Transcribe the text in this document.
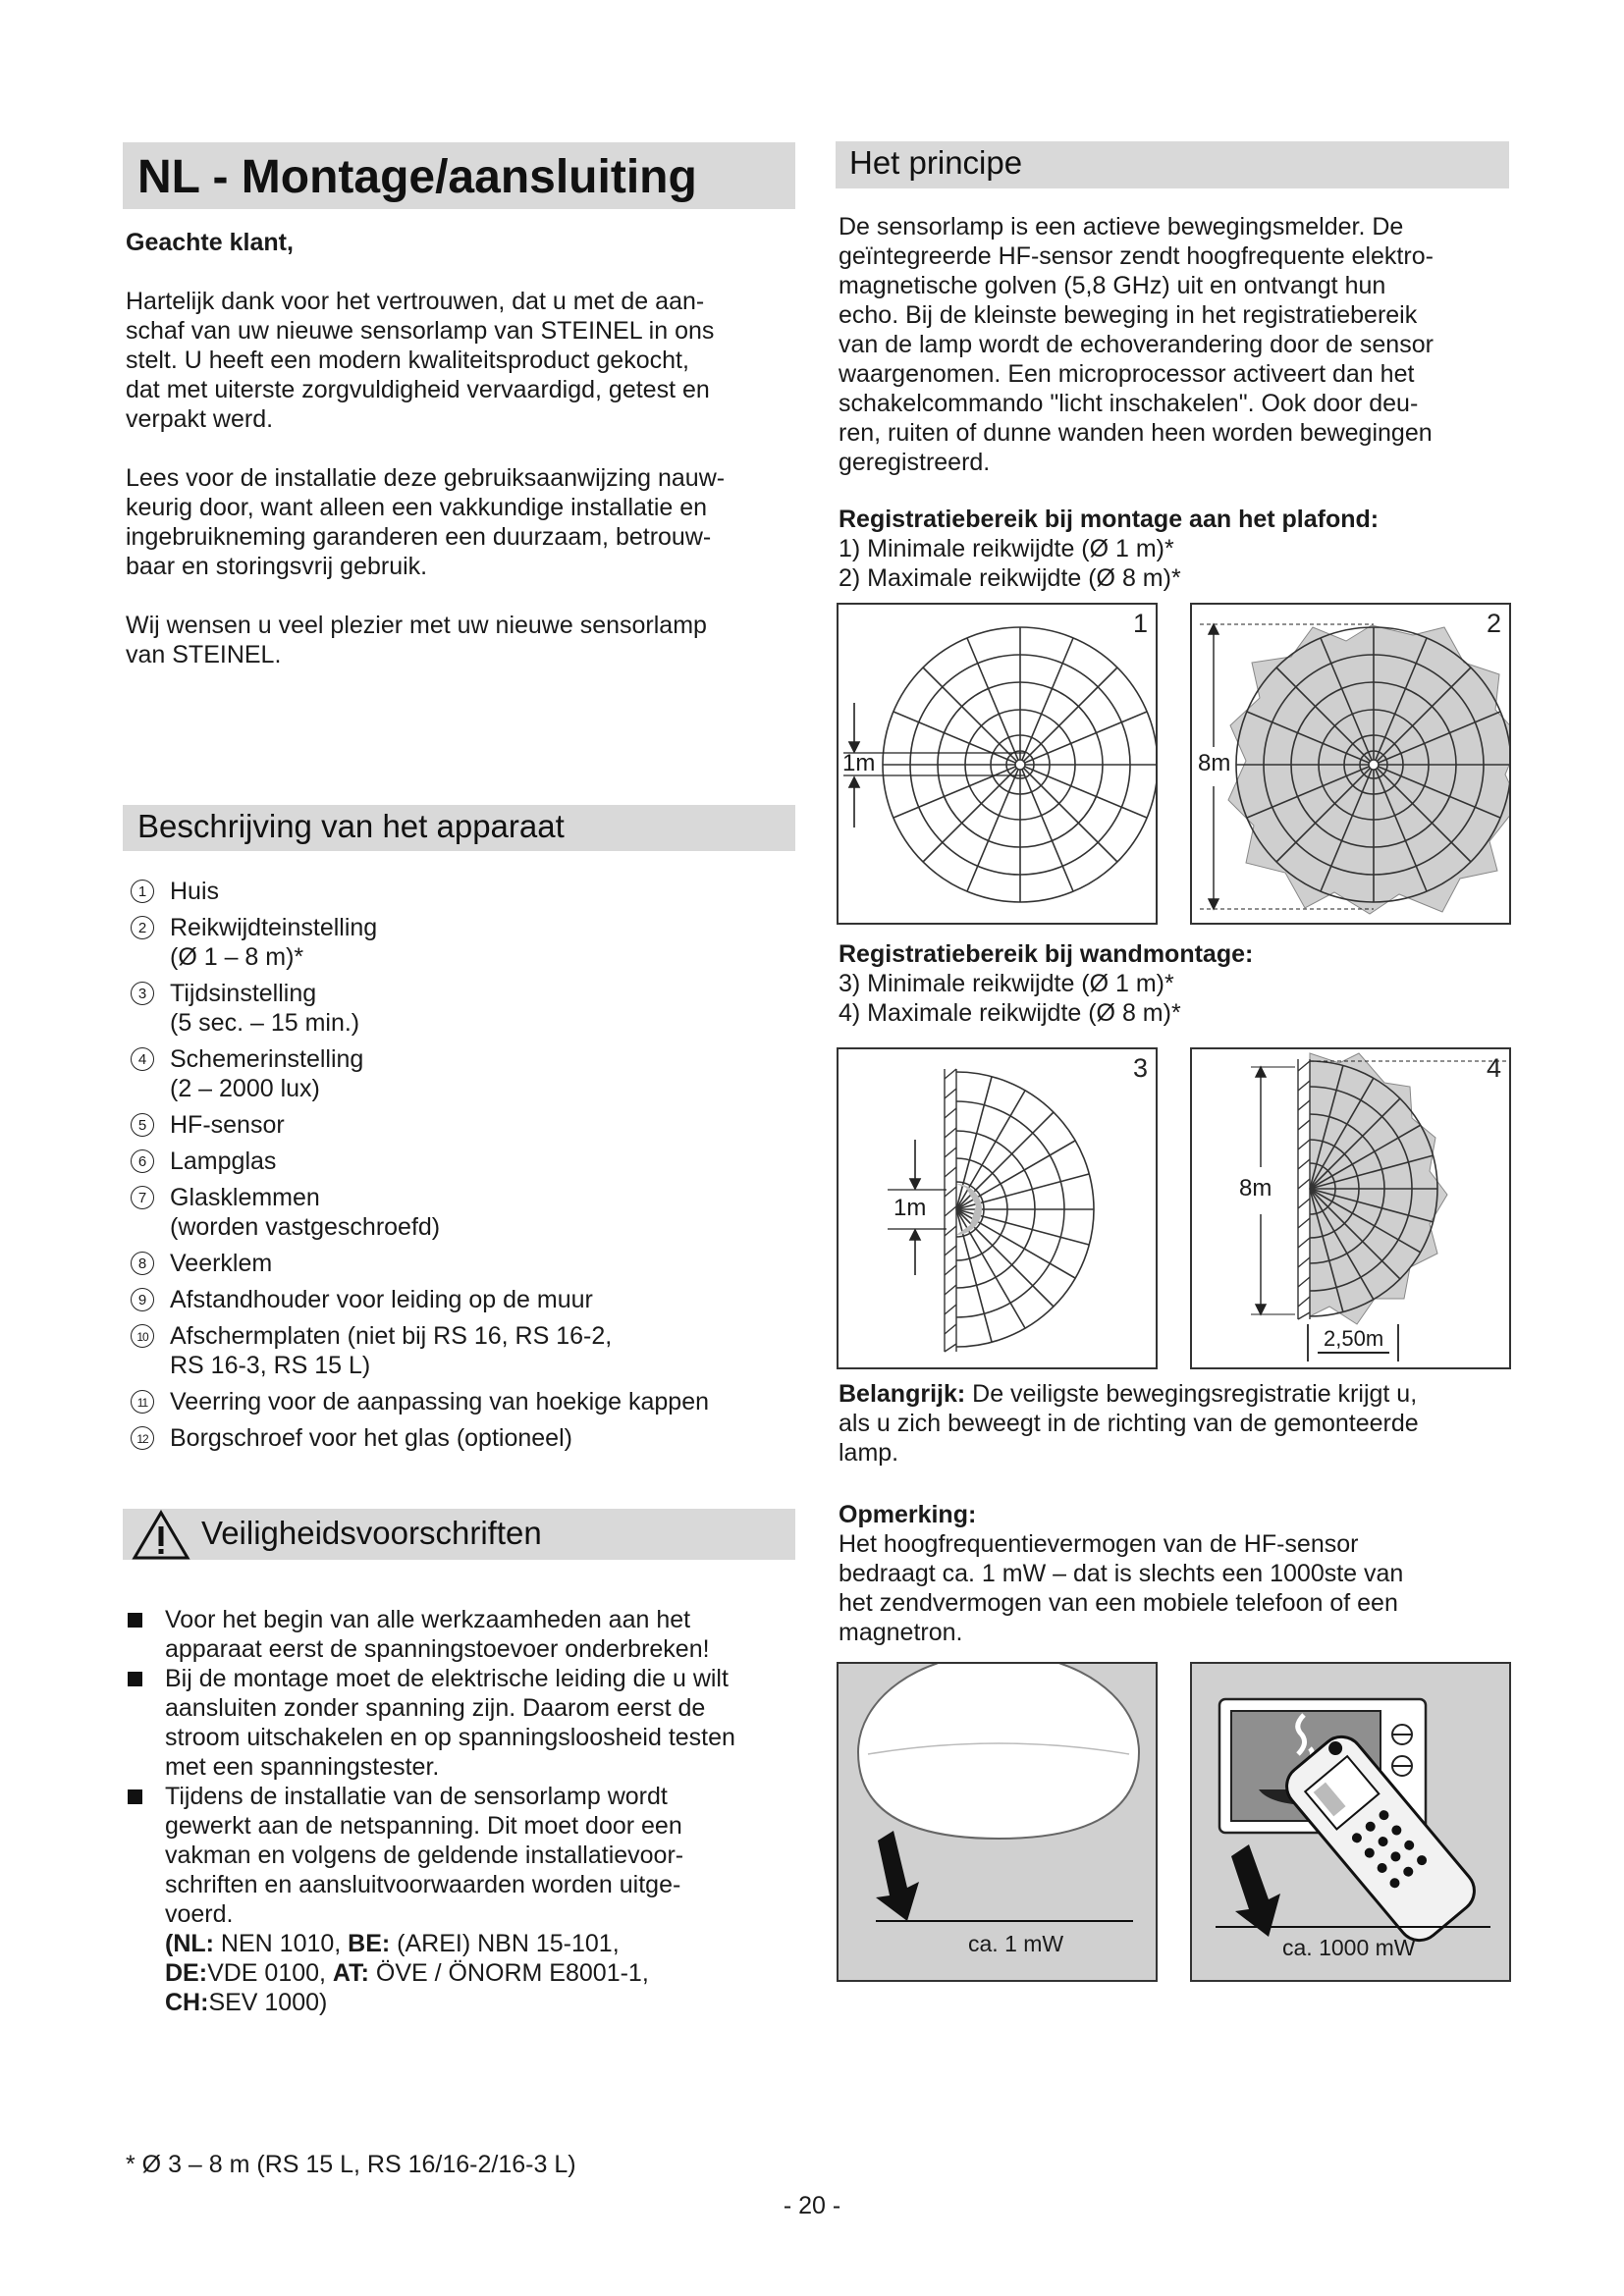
NL - Montage/aansluiting
Geachte klant,

Hartelijk dank voor het vertrouwen, dat u met de aan-
schaf van uw nieuwe sensorlamp van STEINEL in ons
stelt. U heeft een modern kwaliteitsproduct gekocht,
dat met uiterste zorgvuldigheid vervaardigd, getest en
verpakt werd.

Lees voor de installatie deze gebruiksaanwijzing nauw-
keurig door, want alleen een vakkundige installatie en
ingebruikneming garanderen een duurzaam, betrouw-
baar en storingsvrij gebruik.

Wij wensen u veel plezier met uw nieuwe sensorlamp
van STEINEL.

Beschrijving van het apparaat
1 Huis
2 Reikwijdteinstelling
(Ø 1 – 8 m)*
3 Tijdsinstelling
(5 sec. – 15 min.)
4 Schemerinstelling
(2 – 2000 lux)
5 HF-sensor
6 Lampglas
7 Glasklemmen
(worden vastgeschroefd)
8 Veerklem
9 Afstandhouder voor leiding op de muur
10 Afschermplaten (niet bij RS 16, RS 16-2,
RS 16-3, RS 15 L)
11 Veerring voor de aanpassing van hoekige kappen
12 Borgschroef voor het glas (optioneel)
Veiligheidsvoorschriften
Voor het begin van alle werkzaamheden aan het
apparaat eerst de spanningstoevoer onderbreken!
Bij de montage moet de elektrische leiding die u wilt
aansluiten zonder spanning zijn. Daarom eerst de
stroom uitschakelen en op spanningsloosheid testen
met een spanningstester.
Tijdens de installatie van de sensorlamp wordt
gewerkt aan de netspanning. Dit moet door een
vakman en volgens de geldende installatievoor-
schriften en aansluitvoorwaarden worden uitge-
voerd.
(NL: NEN 1010, BE: (AREI) NBN 15-101,
DE:VDE 0100, AT: ÖVE / ÖNORM E8001-1,
CH:SEV 1000)
* Ø 3 – 8 m (RS 15 L, RS 16/16-2/16-3 L)
Het principe
De sensorlamp is een actieve bewegingsmelder. De
geïntegreerde HF-sensor zendt hoogfrequente elektro-
magnetische golven (5,8 GHz) uit en ontvangt hun
echo. Bij de kleinste beweging in het registratiebereik
van de lamp wordt de echoverandering door de sensor
waargenomen. Een microprocessor activeert dan het
schakelcommando "licht inschakelen". Ook door deu-
ren, ruiten of dunne wanden heen worden bewegingen
geregistreerd.
Registratiebereik bij montage aan het plafond:
1) Minimale reikwijdte (Ø 1 m)*
2) Maximale reikwijdte (Ø 8 m)*
1
1m
2
8m
Registratiebereik bij wandmontage:
3) Minimale reikwijdte (Ø 1 m)*
4) Maximale reikwijdte (Ø 8 m)*
3
1m
4
8m
2,50m
Belangrijk: De veiligste bewegingsregistratie krijgt u,
als u zich beweegt in de richting van de gemonteerde
lamp.
Opmerking:
Het hoogfrequentievermogen van de HF-sensor
bedraagt ca. 1 mW – dat is slechts een 1000ste van
het zendvermogen van een mobiele telefoon of een
magnetron.
ca. 1 mW	ca. 1000 mW
- 20 -
